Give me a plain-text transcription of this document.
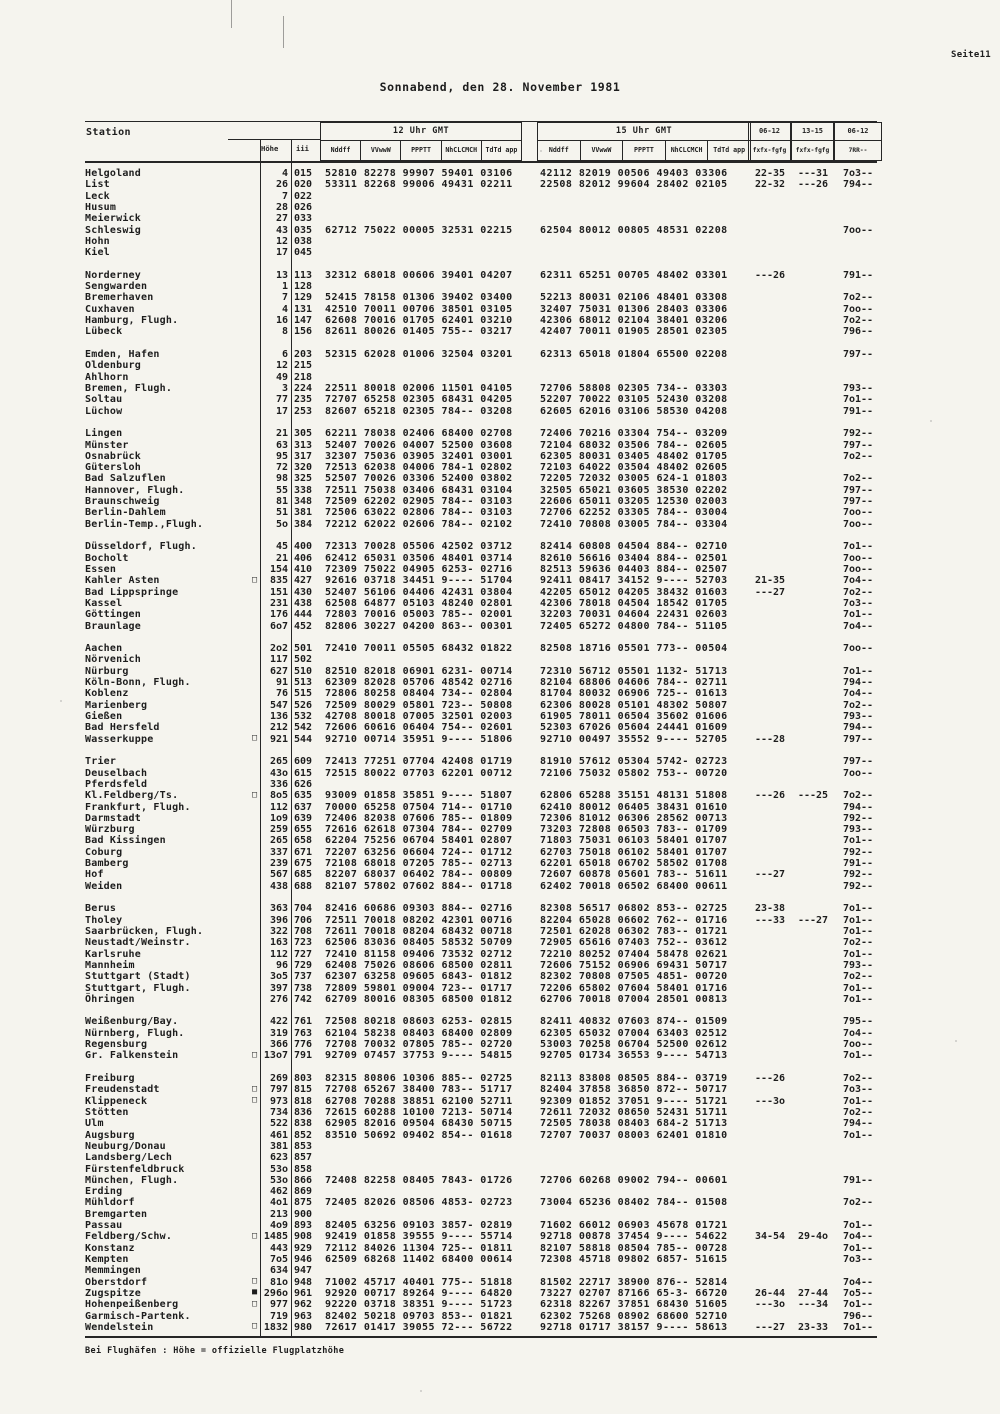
Seite11
Sonnabend, den 28. November 1981
Station
Höhe iii
12 Uhr GMT
Nddff	VVwwW	PPPTT	NhCLCMCH	TdTd app
15 Uhr GMT
Nddff	VVwwW	PPPTT	NhCLCMCH	TdTd app
06-12
fxfx-fgfg
13-15
fxfx-fgfg
06-12
7RR--
Helgoland	4 015 52810 82278 99907 59401 03106	42112 82019 00506 49403 03306	22-35	---31	7o3--
List	26 020 53311 82268 99006 49431 02211	22508 82012 99604 28402 02105	22-32	---26	794--
Leck	7 022
Husum	28 026
Meierwick	27 033
Schleswig	43 035 62712 75022 00005 32531 02215	62504 80012 00805 48531 02208	7oo--
Hohn	12 038
Kiel	17 045
Norderney	13 113 32312 68018 00606 39401 04207	62311 65251 00705 48402 03301	---26	791--
Sengwarden	1 128
Bremerhaven	7 129 52415 78158 01306 39402 03400	52213 80031 02106 48401 03308	7o2--
Cuxhaven	4 131 42510 70011 00706 38501 03105	32407 75031 01306 28403 03306	7oo--
Hamburg, Flugh.	16 147 62608 70016 01705 62401 03210	42306 68012 02104 38401 03206	7o2--
Lübeck	8 156 82611 80026 01405 755-- 03217	42407 70011 01905 28501 02305	796--
Emden, Hafen	6 203 52315 62028 01006 32504 03201	62313 65018 01804 65500 02208	797--
Oldenburg	12 215
Ahlhorn	49 218
Bremen, Flugh.	3 224 22511 80018 02006 11501 04105	72706 58808 02305 734-- 03303	793--
Soltau	77 235 72707 65258 02305 68431 04205	52207 70022 03105 52430 03208	7o1--
Lüchow	17 253 82607 65218 02305 784-- 03208	62605 62016 03106 58530 04208	791--
Lingen	21 305 62211 78038 02406 68400 02708	72406 70216 03304 754-- 03209	792--
Münster	63 313 52407 70026 04007 52500 03608	72104 68032 03506 784-- 02605	797--
Osnabrück	95 317 32307 75036 03905 32401 03001	62305 80031 03405 48402 01705	7o2--
Gütersloh	72 320 72513 62038 04006 784-1 02802	72103 64022 03504 48402 02605
Bad Salzuflen	98 325 52507 70026 03306 52400 03802	72205 72032 03005 624-1 01803	7o2--
Hannover, Flugh.	55 338 72511 75038 03406 68431 03104	32505 65021 03605 38530 02202	797--
Braunschweig	81 348 72509 62202 02905 784-- 03103	22606 65011 03205 12530 02003	797--
Berlin-Dahlem	51 381 72506 63022 02806 784-- 03103	72706 62252 03305 784-- 03004	7oo--
Berlin-Temp.,Flugh.	5o 384 72212 62022 02606 784-- 02102	72410 70808 03005 784-- 03304	7oo--
Düsseldorf, Flugh.	45 400 72313 70028 05506 42502 03712	82414 60808 04504 884-- 02710	7o1--
Bocholt	21 406 62412 65031 03506 48401 03714	82610 56616 03404 884-- 02501	7oo--
Essen	154 410 72309 75022 04905 6253- 02716	82513 59636 04403 884-- 02507	7oo--
Kahler Asten	□	835 427 92616 03718 34451 9---- 51704	92411 08417 34152 9---- 52703	21-35	7o4--
Bad Lippspringe	151 430 52407 56106 04406 42431 03804	42205 65012 04205 38432 01603	---27	7o2--
Kassel	231 438 62508 64877 05103 48240 02801	42306 78018 04504 18542 01705	7o3--
Göttingen	176 444 72803 70016 05003 785-- 02001	32203 70031 04604 22431 02603	7o1--
Braunlage	6o7 452 82806 30227 04200 863-- 00301	72405 65272 04800 784-- 51105	7o4--
Aachen	2o2 501 72410 70011 05505 68432 01822	82508 18716 05501 773-- 00504	7oo--
Nörvenich	117 502
Nürburg	627 510 82510 82018 06901 6231- 00714	72310 56712 05501 1132- 51713	7o1--
Köln-Bonn, Flugh.	91 513 62309 82028 05706 48542 02716	82104 68806 04606 784-- 02711	794--
Koblenz	76 515 72806 80258 08404 734-- 02804	81704 80032 06906 725-- 01613	7o4--
Marienberg	547 526 72509 80029 05801 723-- 50808	62306 80028 05101 48302 50807	7o2--
Gießen	136 532 42708 80018 07005 32501 02003	61905 78011 06504 35602 01606	793--
Bad Hersfeld	212 542 72606 60616 06404 754-- 02601	52303 67026 05604 24441 01609	794--
Wasserkuppe	□	921 544 92710 00714 35951 9---- 51806	92710 00497 35552 9---- 52705	---28	797--
Trier	265 609 72413 77251 07704 42408 01719	81910 57612 05304 5742- 02723	797--
Deuselbach	43o 615 72515 80022 07703 62201 00712	72106 75032 05802 753-- 00720	7oo--
Pferdsfeld	336 626
Kl.Feldberg/Ts.	□	8o5 635 93009 01858 35851 9---- 51807	62806 65288 35151 48131 51808	---26	---25	7o2--
Frankfurt, Flugh.	112 637 70000 65258 07504 714-- 01710	62410 80012 06405 38431 01610	794--
Darmstadt	1o9 639 72406 82038 07606 785-- 01809	72306 81012 06306 28562 00713	792--
Würzburg	259 655 72616 62618 07304 784-- 02709	73203 72808 06503 783-- 01709	793--
Bad Kissingen	265 658 62204 75256 06704 58401 02807	71803 75031 06103 58401 01707	7o1--
Coburg	337 671 72207 63256 06604 724-- 01712	62703 75018 06102 58401 01707	792--
Bamberg	239 675 72108 68018 07205 785-- 02713	62201 65018 06702 58502 01708	791--
Hof	567 685 82207 68037 06402 784-- 00809	72607 60878 05601 783-- 51611	---27	792--
Weiden	438 688 82107 57802 07602 884-- 01718	62402 70018 06502 68400 00611	792--
Berus	363 704 82416 60686 09303 884-- 02716	82308 56517 06802 853-- 02725	23-38	7o1--
Tholey	396 706 72511 70018 08202 42301 00716	82204 65028 06602 762-- 01716	---33	---27	7o1--
Saarbrücken, Flugh.	322 708 72611 70018 08204 68432 00718	72501 62028 06302 783-- 01721	7o1--
Neustadt/Weinstr.	163 723 62506 83036 08405 58532 50709	72905 65616 07403 752-- 03612	7o2--
Karlsruhe	112 727 72410 81158 09406 73532 02712	72210 80252 07404 58478 02621	7o1--
Mannheim	96 729 62408 75026 08606 68500 02811	72606 75152 06906 69431 50717	793--
Stuttgart (Stadt)	3o5 737 62307 63258 09605 6843- 01812	82302 70808 07505 4851- 00720	7o2--
Stuttgart, Flugh.	397 738 72809 59801 09004 723-- 01717	72206 65802 07604 58401 01716	7o1--
Öhringen	276 742 62709 80016 08305 68500 01812	62706 70018 07004 28501 00813	7o1--
Weißenburg/Bay.	422 761 72508 80218 08603 6253- 02815	82411 40832 07603 874-- 01509	795--
Nürnberg, Flugh.	319 763 62104 58238 08403 68400 02809	62305 65032 07004 63403 02512	7o4--
Regensburg	366 776 72708 70032 07805 785-- 02720	53003 70258 06704 52500 02612	7oo--
Gr. Falkenstein	□ 13o7 791 92709 07457 37753 9---- 54815	92705 01734 36553 9---- 54713	7o1--
Freiburg	269 803 82315 80806 10306 885-- 02725	82113 83808 08505 884-- 03719	---26	7o2--
Freudenstadt	□	797 815 72708 65267 38400 783-- 51717	82404 37858 36850 872-- 50717	7o3--
Klippeneck	□	973 818 62708 70288 38851 62100 52711	92309 01852 37051 9---- 51721	---3o	7o1--
Stötten	734 836 72615 60288 10100 7213- 50714	72611 72032 08650 52431 51711	7o2--
Ulm	522 838 62905 82016 09504 68430 50715	72505 78038 08403 684-2 51713	794--
Augsburg	461 852 83510 50692 09402 854-- 01618	72707 70037 08003 62401 01810	7o1--
Neuburg/Donau	381 853
Landsberg/Lech	623 857
Fürstenfeldbruck	53o 858
München, Flugh.	53o 866 72408 82258 08405 7843- 01726	72706 60268 09002 794-- 00601	791--
Erding	462 869
Mühldorf	4o1 875 72405 82026 08506 4853- 02723	73004 65236 08402 784-- 01508	7o2--
Bremgarten	213 900
Passau	4o9 893 82405 63256 09103 3857- 02819	71602 66012 06903 45678 01721	7o1--
Feldberg/Schw.	□ 1485 908 92419 01858 39555 9---- 55714	92718 00878 37454 9---- 54622	34-54	29-4o	7o4--
Konstanz	443 929 72112 84026 11304 725-- 01811	82107 58818 08504 785-- 00728	7o1--
Kempten	7o5 946 62509 68268 11402 68400 00614	72308 45718 09802 6857- 51615	7o3--
Memmingen	634 947
Oberstdorf	□	81o 948 71002 45717 40401 775-- 51818	81502 22717 38900 876-- 52814	7o4--
Zugspitze	■ 296o 961 92920 00717 89264 9---- 64820	73227 02707 87166 65-3- 66720	26-44	27-44	7o5--
Hohenpeißenberg	□	977 962 92220 03718 38351 9---- 51723	62318 82267 37851 68430 51605	---3o	---34	7o1--
Garmisch-Partenk.	719 963 82402 50218 09703 853-- 01821	62302 75268 08902 68600 52710	796--
Wendelstein	□ 1832 980 72617 01417 39055 72--- 56722	92718 01717 38157 9---- 58613	---27	23-33	7o1--
Bei Flughäfen : Höhe = offizielle Flugplatzhöhe
